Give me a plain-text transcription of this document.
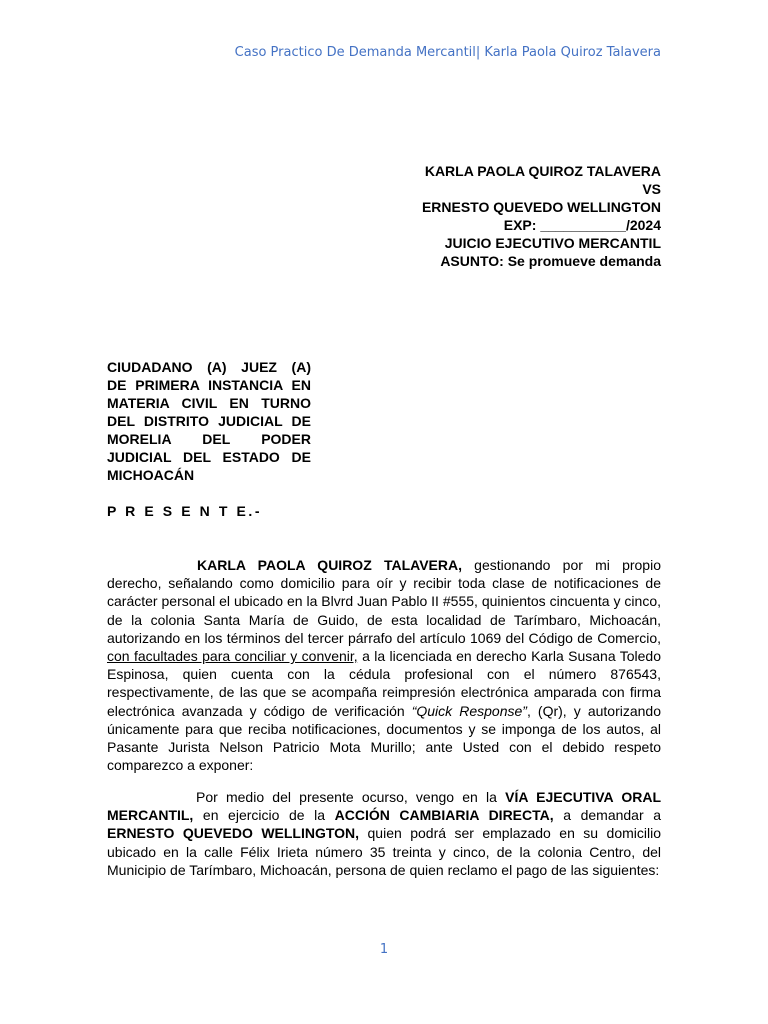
Caso Practico De Demanda Mercantil| Karla Paola Quiroz Talavera
KARLA PAOLA QUIROZ TALAVERA
VS
ERNESTO QUEVEDO WELLINGTON
EXP: ___________/2024
JUICIO EJECUTIVO MERCANTIL
ASUNTO: Se promueve demanda
CIUDADANO (A) JUEZ (A)
DE PRIMERA INSTANCIA EN
MATERIA CIVIL EN TURNO
DEL DISTRITO JUDICIAL DE
MORELIA DEL PODER
JUDICIAL DEL ESTADO DE
MICHOACÁN
P R E S E N T E.-
KARLA PAOLA QUIROZ TALAVERA, gestionando por mi propio derecho, señalando como domicilio para oír y recibir toda clase de notificaciones de carácter personal el ubicado en la Blvrd Juan Pablo II #555, quinientos cincuenta y cinco, de la colonia Santa María de Guido, de esta localidad de Tarímbaro, Michoacán, autorizando en los términos del tercer párrafo del artículo 1069 del Código de Comercio, con facultades para conciliar y convenir, a la licenciada en derecho Karla Susana Toledo Espinosa, quien cuenta con la cédula profesional con el número 876543, respectivamente, de las que se acompaña reimpresión electrónica amparada con firma electrónica avanzada y código de verificación “Quick Response”, (Qr), y autorizando únicamente para que reciba notificaciones, documentos y se imponga de los autos, al Pasante Jurista Nelson Patricio Mota Murillo; ante Usted con el debido respeto comparezco a exponer:
Por medio del presente ocurso, vengo en la VÍA EJECUTIVA ORAL MERCANTIL, en ejercicio de la ACCIÓN CAMBIARIA DIRECTA, a demandar a ERNESTO QUEVEDO WELLINGTON, quien podrá ser emplazado en su domicilio ubicado en la calle Félix Irieta número 35 treinta y cinco, de la colonia Centro, del Municipio de Tarímbaro, Michoacán, persona de quien reclamo el pago de las siguientes:
1
